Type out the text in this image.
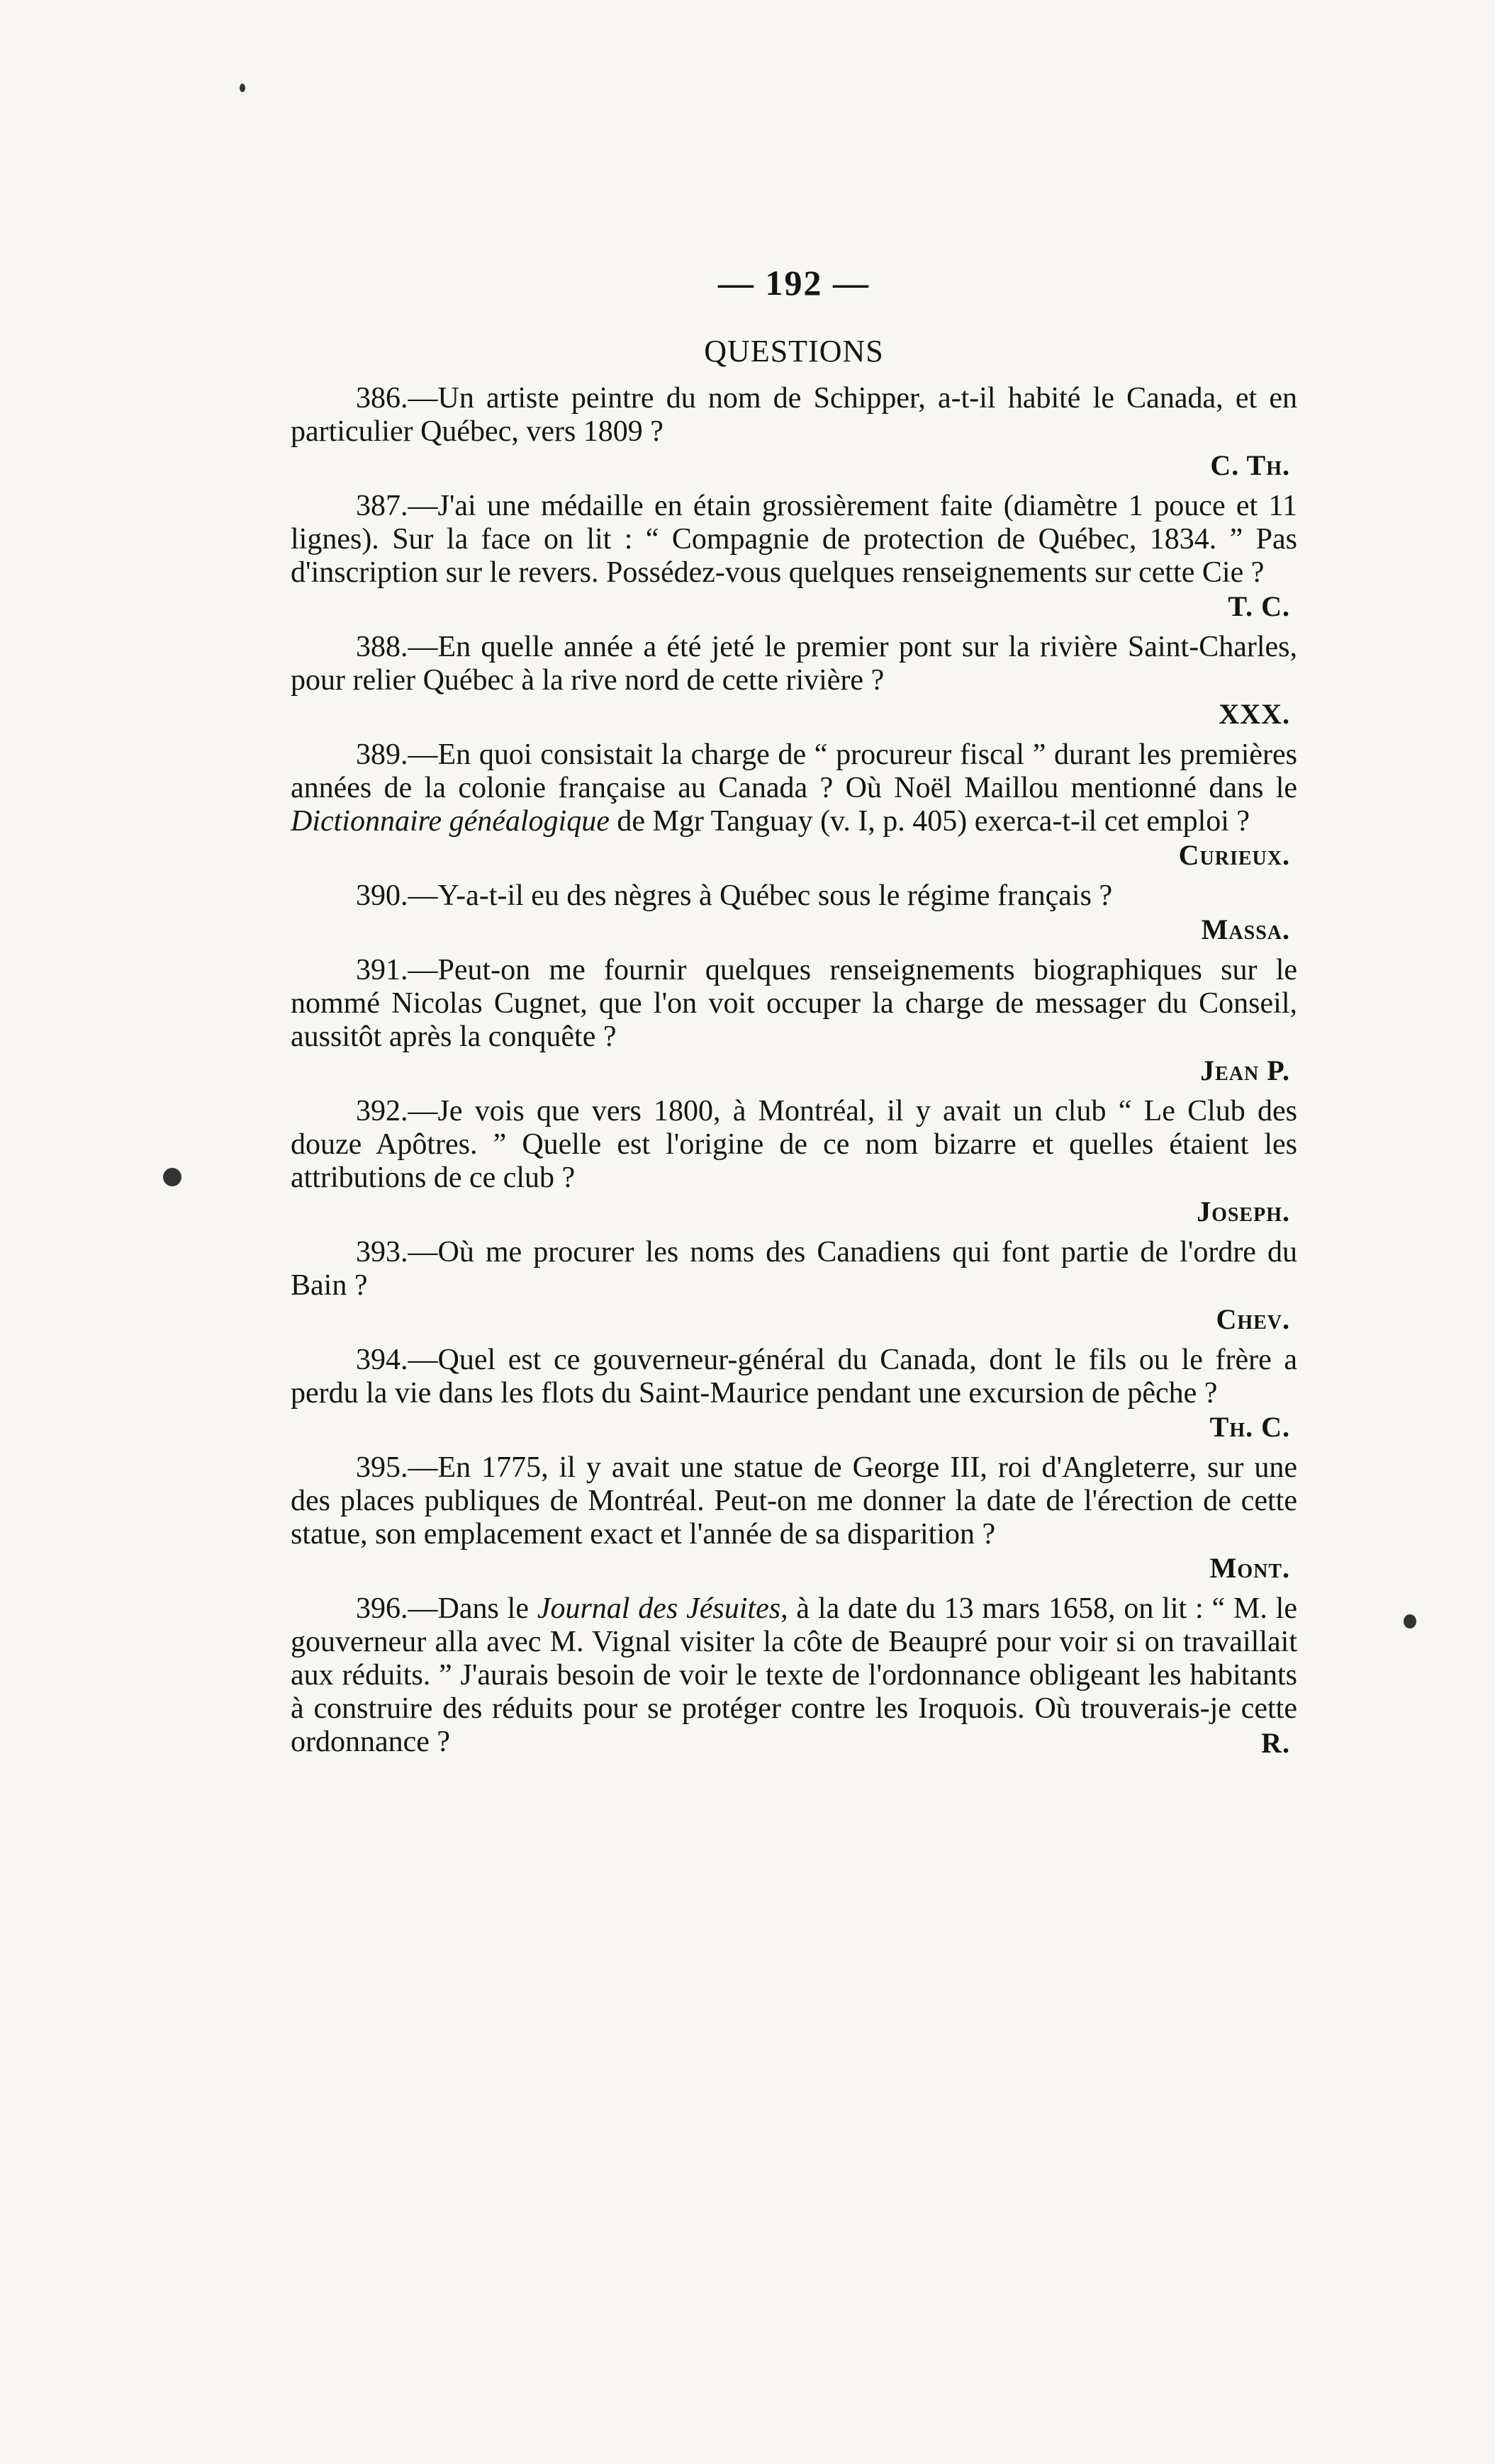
— 192 —
QUESTIONS

386.—Un artiste peintre du nom de Schipper, a-t-il habité le Canada, et en particulier Québec, vers 1809 ?

C. Th.

387.—J'ai une médaille en étain grossièrement faite (diamètre 1 pouce et 11 lignes). Sur la face on lit : “ Compagnie de protection de Québec, 1834. ” Pas d'inscription sur le revers. Possédez-vous quelques renseignements sur cette Cie ?

T. C.

388.—En quelle année a été jeté le premier pont sur la rivière Saint-Charles, pour relier Québec à la rive nord de cette rivière ?

XXX.

389.—En quoi consistait la charge de “ procureur fiscal ” durant les premières années de la colonie française au Canada ? Où Noël Maillou mentionné dans le Dictionnaire généalogique de Mgr Tanguay (v. I, p. 405) exerca-t-il cet emploi ?

Curieux.

390.—Y-a-t-il eu des nègres à Québec sous le régime français ?

Massa.

391.—Peut-on me fournir quelques renseignements biographiques sur le nommé Nicolas Cugnet, que l'on voit occuper la charge de messager du Conseil, aussitôt après la conquête ?

Jean P.

392.—Je vois que vers 1800, à Montréal, il y avait un club “ Le Club des douze Apôtres. ” Quelle est l'origine de ce nom bizarre et quelles étaient les attributions de ce club ?

Joseph.

393.—Où me procurer les noms des Canadiens qui font partie de l'ordre du Bain ?

Chev.

394.—Quel est ce gouverneur-général du Canada, dont le fils ou le frère a perdu la vie dans les flots du Saint-Maurice pendant une excursion de pêche ?

Th. C.

395.—En 1775, il y avait une statue de George III, roi d'Angleterre, sur une des places publiques de Montréal. Peut-on me donner la date de l'érection de cette statue, son emplacement exact et l'année de sa disparition ?

Mont.

396.—Dans le Journal des Jésuites, à la date du 13 mars 1658, on lit : “ M. le gouverneur alla avec M. Vignal visiter la côte de Beaupré pour voir si on travaillait aux réduits. ” J'aurais besoin de voir le texte de l'ordonnance obligeant les habitants à construire des réduits pour se protéger contre les Iroquois. Où trouverais-je cette ordonnance ?	R.
